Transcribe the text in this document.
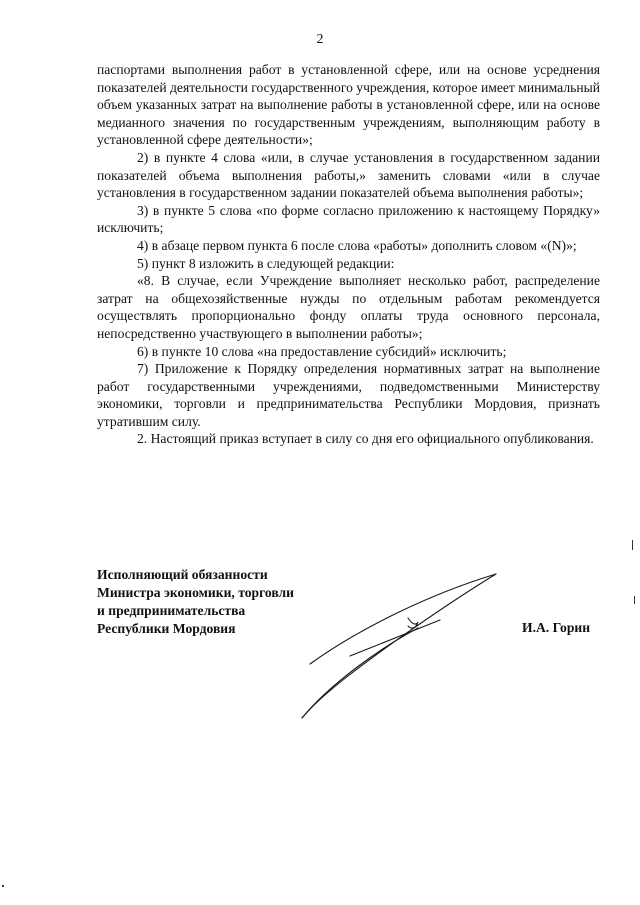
2

паспортами выполнения работ в установленной сфере, или на основе усреднения показателей деятельности государственного учреждения, которое имеет минимальный объем указанных затрат на выполнение работы в установленной сфере, или на основе медианного значения по государственным учреждениям, выполняющим работу в установленной сфере деятельности»;

2) в пункте 4 слова «или, в случае установления в государственном задании показателей объема выполнения работы,» заменить словами «или в случае установления в государственном задании показателей объема выполнения работы»;

3) в пункте 5 слова «по форме согласно приложению к настоящему Порядку» исключить;

4) в абзаце первом пункта 6 после слова «работы» дополнить словом «(N)»;

5) пункт 8 изложить в следующей редакции:

«8. В случае, если Учреждение выполняет несколько работ, распределение затрат на общехозяйственные нужды по отдельным работам рекомендуется осуществлять пропорционально фонду оплаты труда основного персонала, непосредственно участвующего в выполнении работы»;

6) в пункте 10 слова «на предоставление субсидий» исключить;

7) Приложение к Порядку определения нормативных затрат на выполнение работ государственными учреждениями, подведомственными Министерству экономики, торговли и предпринимательства Республики Мордовия, признать утратившим силу.

2. Настоящий приказ вступает в силу со дня его официального опубликования.

Исполняющий обязанности
Министра экономики, торговли
и предпринимательства
Республики Мордовия	И.А. Горин
